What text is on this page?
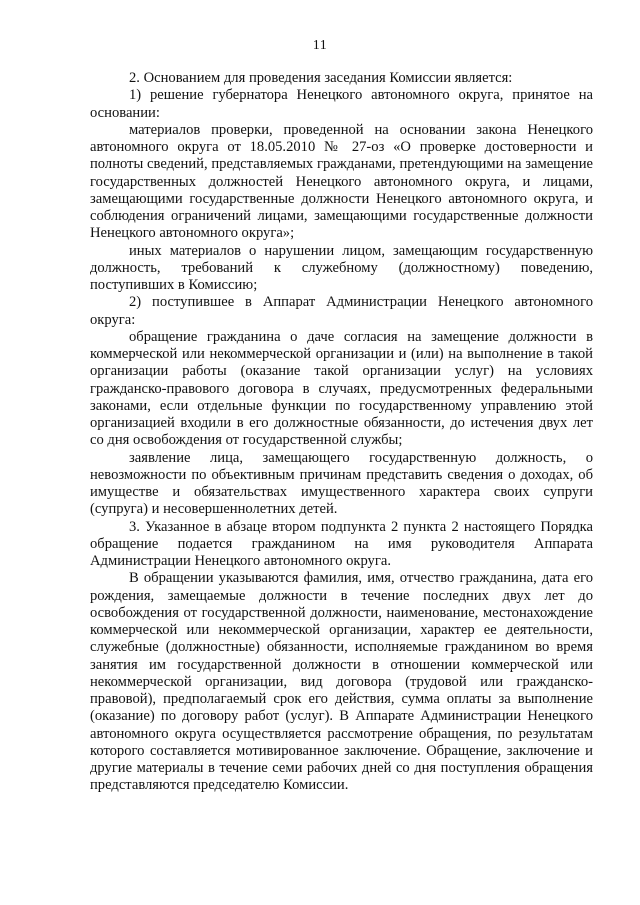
11

2. Основанием для проведения заседания Комиссии является:

1) решение губернатора Ненецкого автономного округа, принятое на основании:

материалов проверки, проведенной на основании закона Ненецкого автономного округа от 18.05.2010 № 27-оз «О проверке достоверности и полноты сведений, представляемых гражданами, претендующими на замещение государственных должностей Ненецкого автономного округа, и лицами, замещающими государственные должности Ненецкого автономного округа, и соблюдения ограничений лицами, замещающими государственные должности Ненецкого автономного округа»;

иных материалов о нарушении лицом, замещающим государственную должность, требований к служебному (должностному) поведению, поступивших в Комиссию;

2) поступившее в Аппарат Администрации Ненецкого автономного округа:

обращение гражданина о даче согласия на замещение должности в коммерческой или некоммерческой организации и (или) на выполнение в такой организации работы (оказание такой организации услуг) на условиях гражданско-правового договора в случаях, предусмотренных федеральными законами, если отдельные функции по государственному управлению этой организацией входили в его должностные обязанности, до истечения двух лет со дня освобождения от государственной службы;

заявление лица, замещающего государственную должность, о невозможности по объективным причинам представить сведения о доходах, об имуществе и обязательствах имущественного характера своих супруги (супруга) и несовершеннолетних детей.

3. Указанное в абзаце втором подпункта 2 пункта 2 настоящего Порядка обращение подается гражданином на имя руководителя Аппарата Администрации Ненецкого автономного округа.

В обращении указываются фамилия, имя, отчество гражданина, дата его рождения, замещаемые должности в течение последних двух лет до освобождения от государственной должности, наименование, местонахождение коммерческой или некоммерческой организации, характер ее деятельности, служебные (должностные) обязанности, исполняемые гражданином во время занятия им государственной должности в отношении коммерческой или некоммерческой организации, вид договора (трудовой или гражданско-правовой), предполагаемый срок его действия, сумма оплаты за выполнение (оказание) по договору работ (услуг). В Аппарате Администрации Ненецкого автономного округа осуществляется рассмотрение обращения, по результатам которого составляется мотивированное заключение. Обращение, заключение и другие материалы в течение семи рабочих дней со дня поступления обращения представляются председателю Комиссии.
